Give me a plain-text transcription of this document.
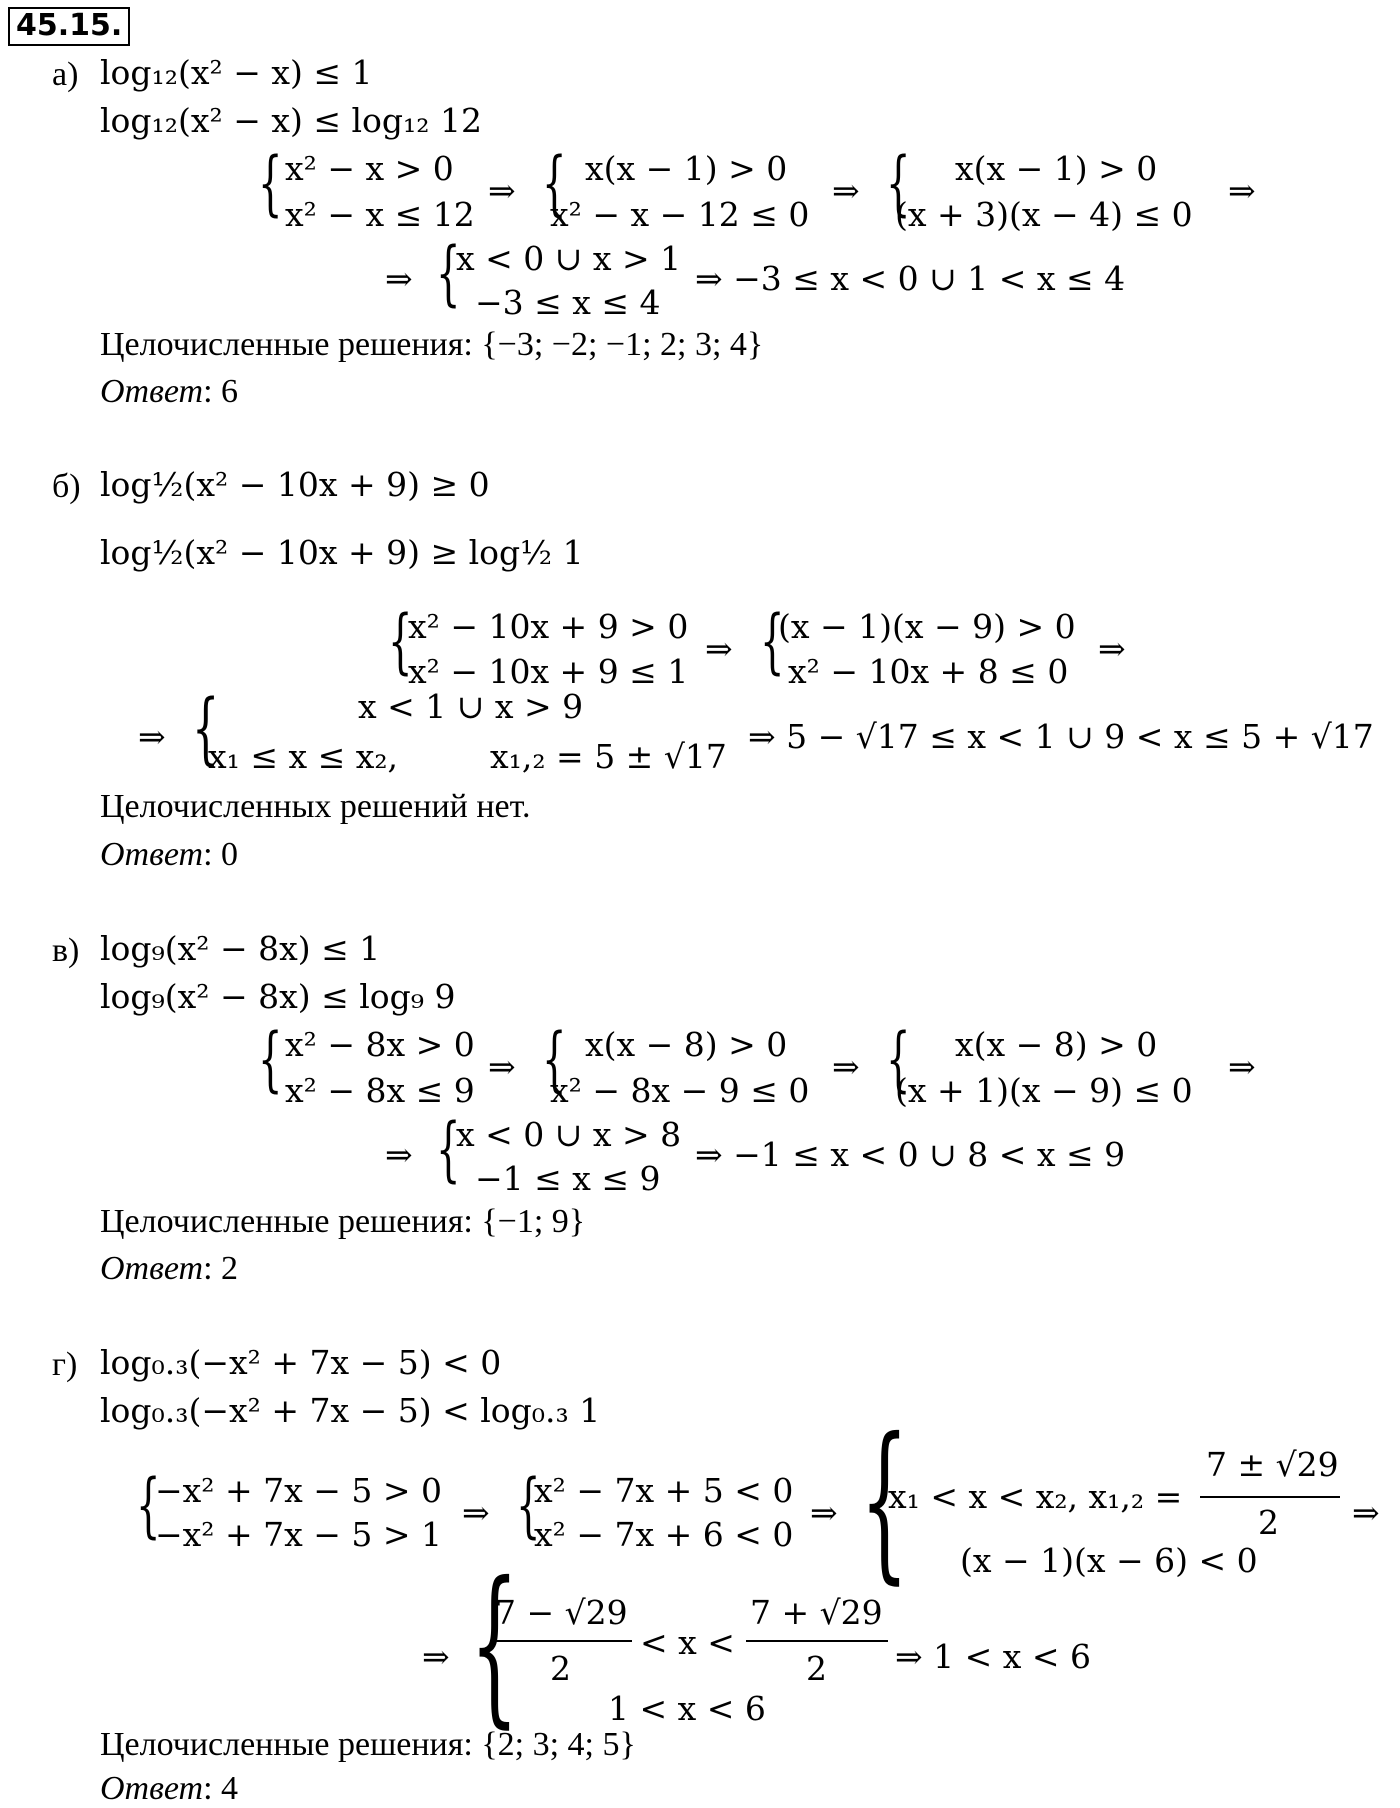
45.15.
а) log₁₂(x² − x) ≤ 1
log₁₂(x² − x) ≤ log₁₂ 12
{ x² − x > 0
x² − x ≤ 12
⇒ { x(x − 1) > 0
x² − x − 12 ≤ 0
⇒ { x(x − 1) > 0
(x + 3)(x − 4) ≤ 0
⇒
⇒ {
x < 0 ∪ x > 1
−3 ≤ x ≤ 4
⇒ −3 ≤ x < 0 ∪ 1 < x ≤ 4
Целочисленные решения: {−3; −2; −1; 2; 3; 4}
Ответ: 6
б) log½(x² − 10x + 9) ≥ 0
log½(x² − 10x + 9) ≥ log½ 1
{
x² − 10x + 9 > 0
x² − 10x + 9 ≤ 1
⇒ {
(x − 1)(x − 9) > 0
x² − 10x + 8 ≤ 0
⇒
⇒ {	x < 1 ∪ x > 9
x₁ ≤ x ≤ x₂,	x₁,₂ = 5 ± √17
⇒ 5 − √17 ≤ x < 1 ∪ 9 < x ≤ 5 + √17
Целочисленных решений нет.
Ответ: 0
в) log₉(x² − 8x) ≤ 1
log₉(x² − 8x) ≤ log₉ 9
{ x² − 8x > 0
x² − 8x ≤ 9
⇒ { x(x − 8) > 0
x² − 8x − 9 ≤ 0
⇒ { x(x − 8) > 0
(x + 1)(x − 9) ≤ 0
⇒
⇒ {
x < 0 ∪ x > 8
−1 ≤ x ≤ 9
⇒ −1 ≤ x < 0 ∪ 8 < x ≤ 9
Целочисленные решения: {−1; 9}
Ответ: 2
г) log₀.₃(−x² + 7x − 5) < 0
log₀.₃(−x² + 7x − 5) < log₀.₃ 1
{
−x² + 7x − 5 > 0
−x² + 7x − 5 > 1
⇒ {
x² − 7x + 5 < 0
x² − 7x + 6 < 0
⇒ {
x₁ < x < x₂, x₁,₂ =
7 ± √29
2 ⇒
(x − 1)(x − 6) < 0
⇒ {
7 − √29
2
< x <
7 + √29
2
1 < x < 6
⇒ 1 < x < 6
Целочисленные решения: {2; 3; 4; 5}
Ответ: 4
